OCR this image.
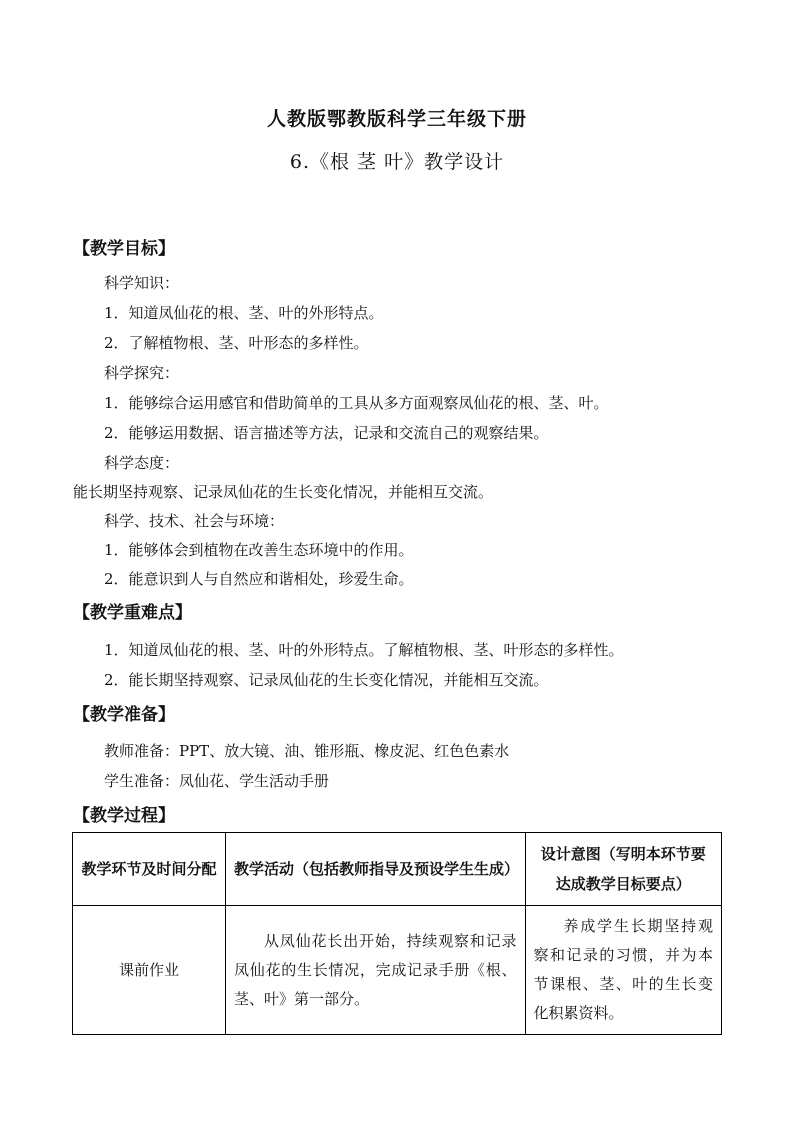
人教版鄂教版科学三年级下册
6.《根 茎 叶》教学设计
【教学目标】
科学知识：
1．知道凤仙花的根、茎、叶的外形特点。
2．了解植物根、茎、叶形态的多样性。
科学探究：
1．能够综合运用感官和借助简单的工具从多方面观察凤仙花的根、茎、叶。
2．能够运用数据、语言描述等方法，记录和交流自己的观察结果。
科学态度：
能长期坚持观察、记录凤仙花的生长变化情况，并能相互交流。
科学、技术、社会与环境：
1．能够体会到植物在改善生态环境中的作用。
2．能意识到人与自然应和谐相处，珍爱生命。
【教学重难点】
1．知道凤仙花的根、茎、叶的外形特点。了解植物根、茎、叶形态的多样性。
2．能长期坚持观察、记录凤仙花的生长变化情况，并能相互交流。
【教学准备】
教师准备：PPT、放大镜、油、锥形瓶、橡皮泥、红色色素水
学生准备：凤仙花、学生活动手册
【教学过程】
教学环节及时间分配	教学活动（包括教师指导及预设学生生成）	设计意图（写明本环节要达成教学目标要点）
课前作业	从凤仙花长出开始，持续观察和记录凤仙花的生长情况，完成记录手册《根、茎、叶》第一部分。	养成学生长期坚持观察和记录的习惯，并为本节课根、茎、叶的生长变化积累资料。
